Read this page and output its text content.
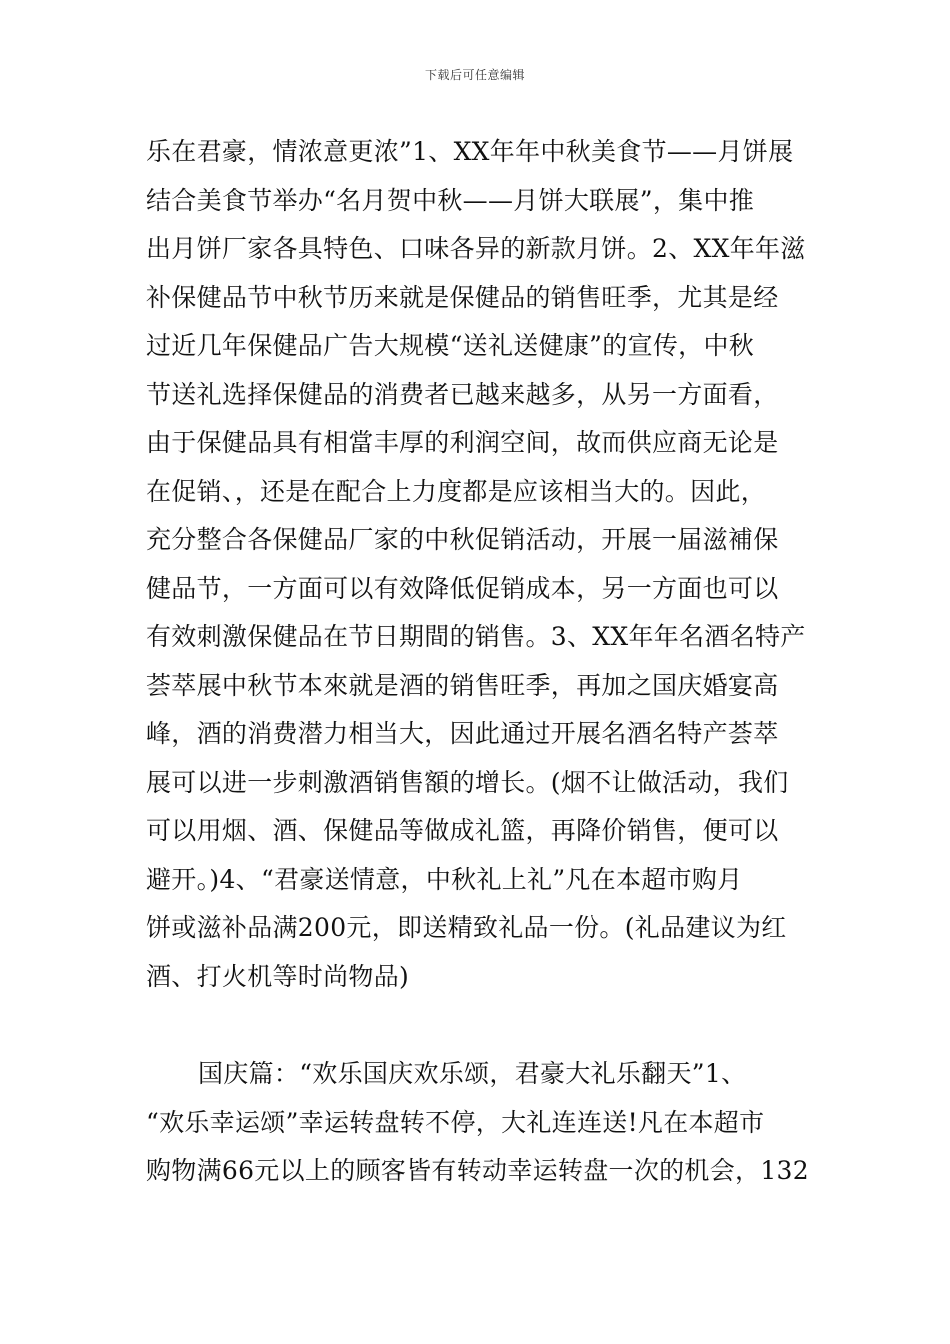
下载后可任意编辑

乐在君豪，情浓意更浓”1、XX年年中秋美食节——月饼展
结合美食节举办“名月贺中秋——月饼大联展”，集中推
出月饼厂家各具特色、口味各异的新款月饼。2、XX年年滋
补保健品节中秋节历来就是保健品的销售旺季，尤其是经
过近几年保健品广告大规模“送礼送健康”的宣传，中秋
节送礼选择保健品的消费者已越来越多，从另一方面看，
由于保健品具有相當丰厚的利润空间，故而供应商无论是
在促销、，还是在配合上力度都是应该相当大的。因此，
充分整合各保健品厂家的中秋促销活动，开展一届滋補保
健品节，一方面可以有效降低促销成本，另一方面也可以
有效刺激保健品在节日期間的销售。3、XX年年名酒名特产
荟萃展中秋节本來就是酒的销售旺季，再加之国庆婚宴高
峰，酒的消费潜力相当大，因此通过开展名酒名特产荟萃
展可以进一步刺激酒销售額的增长。(烟不让做活动，我们
可以用烟、酒、保健品等做成礼篮，再降价销售，便可以
避开。)4、“君豪送情意，中秋礼上礼”凡在本超市购月
饼或滋补品满200元，即送精致礼品一份。(礼品建议为红
酒、打火机等时尚物品)

国庆篇：“欢乐国庆欢乐颂，君豪大礼乐翻天”1、
“欢乐幸运颂”幸运转盘转不停，大礼连连送!凡在本超市
购物满66元以上的顾客皆有转动幸运转盘一次的机会，132
